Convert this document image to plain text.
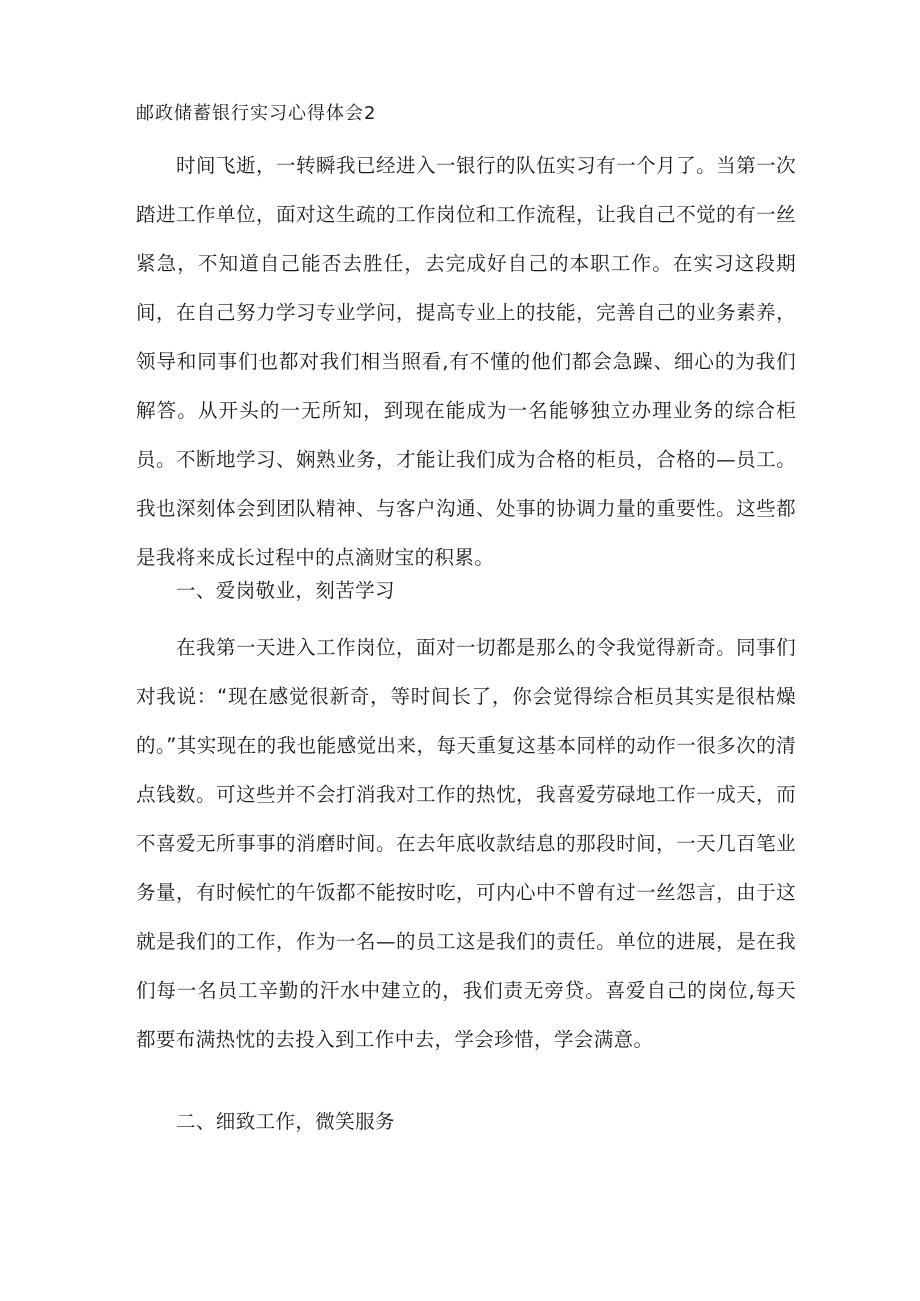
邮政储蓄银行实习心得体会2

时间飞逝，一转瞬我已经进入一银行的队伍实习有一个月了。当第一次踏进工作单位，面对这生疏的工作岗位和工作流程，让我自己不觉的有一丝紧急，不知道自己能否去胜任，去完成好自己的本职工作。在实习这段期间，在自己努力学习专业学问，提高专业上的技能，完善自己的业务素养，领导和同事们也都对我们相当照看,有不懂的他们都会急躁、细心的为我们解答。从开头的一无所知，到现在能成为一名能够独立办理业务的综合柜员。不断地学习、娴熟业务，才能让我们成为合格的柜员，合格的—员工。我也深刻体会到团队精神、与客户沟通、处事的协调力量的重要性。这些都是我将来成长过程中的点滴财宝的积累。

一、爱岗敬业，刻苦学习

在我第一天进入工作岗位，面对一切都是那么的令我觉得新奇。同事们对我说：“现在感觉很新奇，等时间长了，你会觉得综合柜员其实是很枯燥的。”其实现在的我也能感觉出来，每天重复这基本同样的动作一很多次的清点钱数。可这些并不会打消我对工作的热忱，我喜爱劳碌地工作一成天，而不喜爱无所事事的消磨时间。在去年底收款结息的那段时间，一天几百笔业务量，有时候忙的午饭都不能按时吃，可内心中不曾有过一丝怨言，由于这就是我们的工作，作为一名—的员工这是我们的责任。单位的进展，是在我们每一名员工辛勤的汗水中建立的，我们责无旁贷。喜爱自己的岗位,每天都要布满热忱的去投入到工作中去，学会珍惜，学会满意。

二、细致工作，微笑服务
